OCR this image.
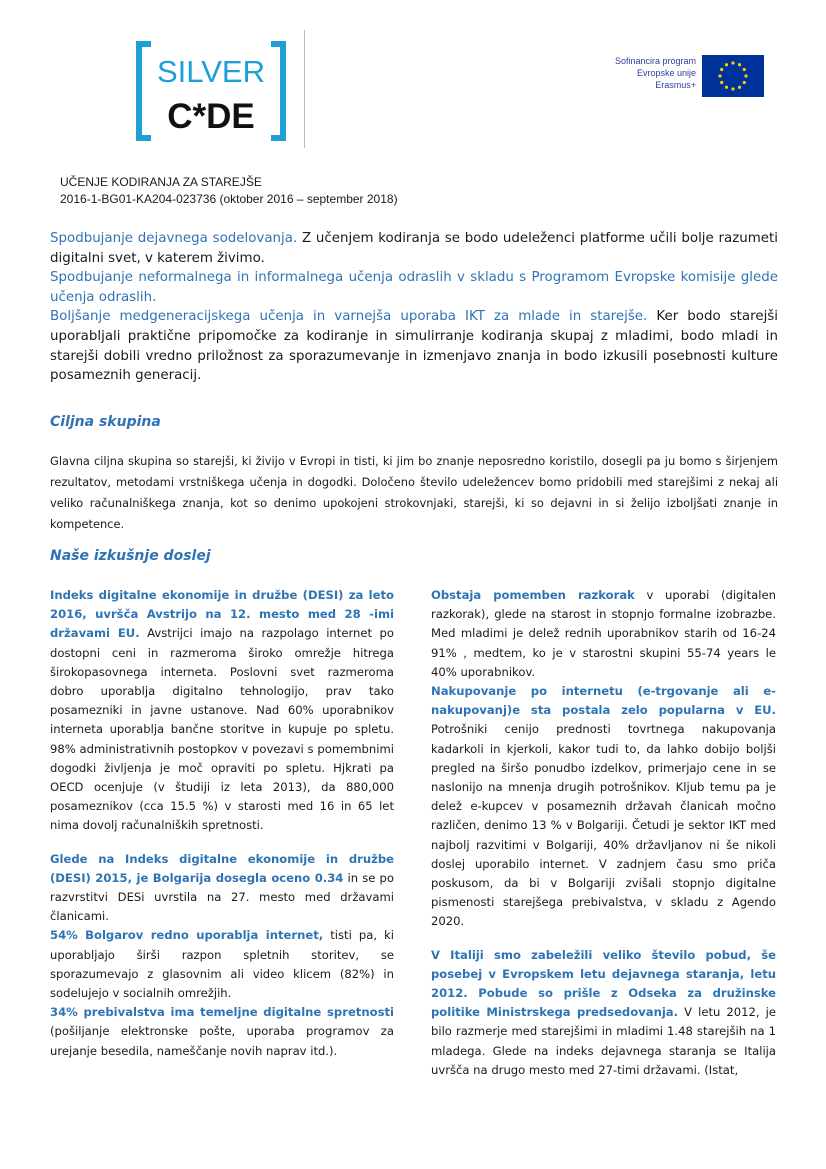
SILVER
C*DE
Sofinancira program
Evropske unije
Erasmus+
UČENJE KODIRANJA ZA STAREJŠE
2016-1-BG01-KA204-023736 (oktober 2016 – september 2018)

Spodbujanje dejavnega sodelovanja. Z učenjem kodiranja se bodo udeleženci platforme učili bolje razumeti digitalni svet, v katerem živimo.

Spodbujanje neformalnega in informalnega učenja odraslih v skladu s Programom Evropske komisije glede učenja odraslih.

Boljšanje medgeneracijskega učenja in varnejša uporaba IKT za mlade in starejše. Ker bodo starejši uporabljali praktične pripomočke za kodiranje in simulirranje kodiranja skupaj z mladimi, bodo mladi in starejši dobili vredno priložnost za sporazumevanje in izmenjavo znanja in bodo izkusili posebnosti kulture posameznih generacij.

Ciljna skupina

Glavna ciljna skupina so starejši, ki živijo v Evropi in tisti, ki jim bo znanje neposredno koristilo, dosegli pa ju bomo s širjenjem rezultatov, metodami vrstniškega učenja in dogodki. Določeno število udeležencev bomo pridobili med starejšimi z nekaj ali veliko računalniškega znanja, kot so denimo upokojeni strokovnjaki, starejši, ki so dejavni in si želijo izboljšati znanje in kompetence.

Naše izkušnje doslej

Indeks digitalne ekonomije in družbe (DESI) za leto 2016, uvršča Avstrijo na 12. mesto med 28 -imi državami EU. Avstrijci imajo na razpolago internet po dostopni ceni in razmeroma široko omrežje hitrega širokopasovnega interneta. Poslovni svet razmeroma dobro uporablja digitalno tehnologijo, prav tako posamezniki in javne ustanove. Nad 60% uporabnikov interneta uporablja bančne storitve in kupuje po spletu. 98% administrativnih postopkov v povezavi s pomembnimi dogodki življenja je moč opraviti po spletu. Hjkrati pa OECD ocenjuje (v študiji iz leta 2013), da 880,000 posameznikov (cca 15.5 %) v starosti med 16 in 65 let nima dovolj računalniških spretnosti.

Glede na Indeks digitalne ekonomije in družbe (DESI) 2015, je Bolgarija dosegla oceno 0.34 in se po razvrstitvi DESi uvrstila na 27. mesto med državami članicami.

54% Bolgarov redno uporablja internet, tisti pa, ki uporabljajo širši razpon spletnih storitev, se sporazumevajo z glasovnim ali video klicem (82%) in sodelujejo v socialnih omrežjih.

34% prebivalstva ima temeljne digitalne spretnosti (pošiljanje elektronske pošte, uporaba programov za urejanje besedila, nameščanje novih naprav itd.).

Obstaja pomemben razkorak v uporabi (digitalen razkorak), glede na starost in stopnjo formalne izobrazbe. Med mladimi je delež rednih uporabnikov starih od 16-24 91% , medtem, ko je v starostni skupini 55-74 years le 40% uporabnikov.

Nakupovanje po internetu (e-trgovanje ali e-nakupovanj)e sta postala zelo popularna v EU. Potrošniki cenijo prednosti tovrtnega nakupovanja kadarkoli in kjerkoli, kakor tudi to, da lahko dobijo boljši pregled na širšo ponudbo izdelkov, primerjajo cene in se naslonijo na mnenja drugih potrošnikov. Kljub temu pa je delež e-kupcev v posameznih državah članicah močno različen, denimo 13 % v Bolgariji. Četudi je sektor IKT med najbolj razvitimi v Bolgariji, 40% državljanov ni še nikoli doslej uporabilo internet. V zadnjem času smo priča poskusom, da bi v Bolgariji zvišali stopnjo digitalne pismenosti starejšega prebivalstva, v skladu z Agendo 2020.

V Italiji smo zabeležili veliko število pobud, še posebej v Evropskem letu dejavnega staranja, letu 2012. Pobude so prišle z Odseka za družinske politike Ministrskega predsedovanja. V letu 2012, je bilo razmerje med starejšimi in mladimi 1.48 starejših na 1 mladega. Glede na indeks dejavnega staranja se Italija uvršča na drugo mesto med 27-timi državami. (Istat,
